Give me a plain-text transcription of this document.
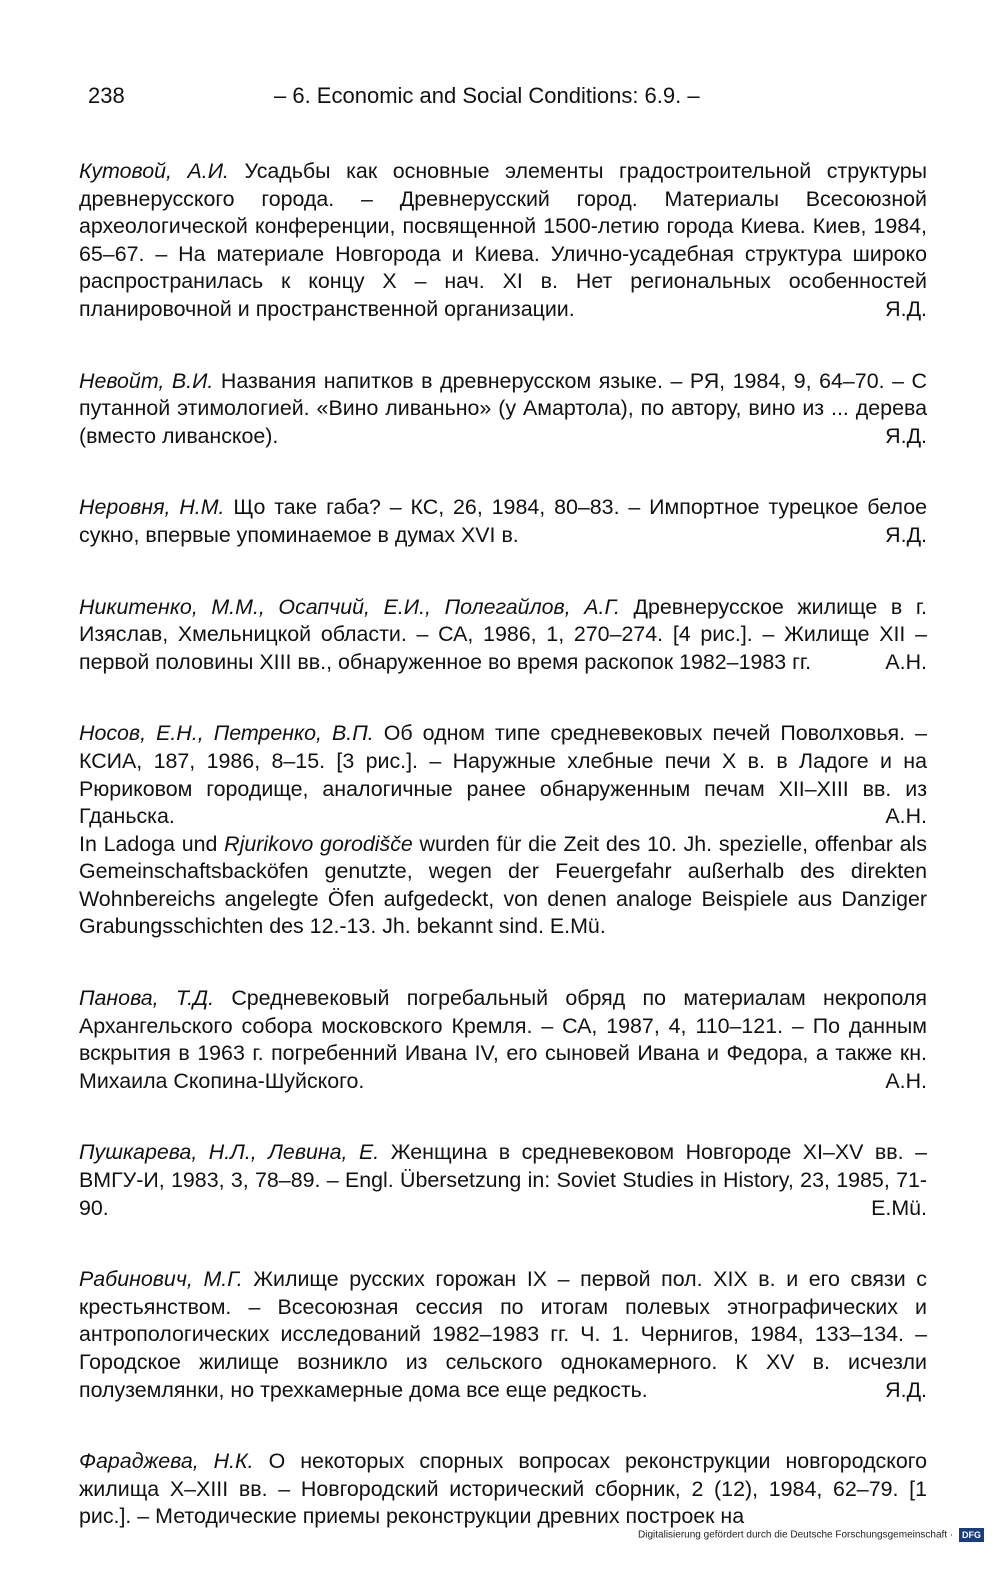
238	– 6. Economic and Social Conditions: 6.9. –

Кутовой, А.И. Усадьбы как основные элементы градостроительной структуры древнерусского города. – Древнерусский город. Материалы Всесоюзной археологической конференции, посвященной 1500-летию города Киева. Киев, 1984, 65–67. – На материале Новгорода и Киева. Улично-усадебная структура широко распространилась к концу X – нач. XI в. Нет региональных особенностей планировочной и пространственной организации.	Я.Д.

Невойт, В.И. Названия напитков в древнерусском языке. – РЯ, 1984, 9, 64–70. – С путанной этимологией. «Вино ливаньно» (у Амартола), по автору, вино из ... дерева (вместо ливанское).	Я.Д.

Неровня, Н.М. Що таке габа? – КС, 26, 1984, 80–83. – Импортное турецкое белое сукно, впервые упоминаемое в думах XVI в.	Я.Д.

Никитенко, М.М., Осапчий, Е.И., Полегайлов, А.Г. Древнерусское жилище в г. Изяслав, Хмельницкой области. – СА, 1986, 1, 270–274. [4 рис.]. – Жилище XII – первой половины XIII вв., обнаруженное во время раскопок 1982–1983 гг.	А.Н.

Носов, Е.Н., Петренко, В.П. Об одном типе средневековых печей Поволховья. – КСИА, 187, 1986, 8–15. [3 рис.]. – Наружные хлебные печи X в. в Ладоге и на Рюриковом городище, аналогичные ранее обнаруженным печам XII–XIII вв. из Гданьска.	А.Н.

In Ladoga und Rjurikovo gorodišče wurden für die Zeit des 10. Jh. spezielle, offenbar als Gemeinschaftsbacköfen genutzte, wegen der Feuergefahr außerhalb des direkten Wohnbereichs angelegte Öfen aufgedeckt, von denen analoge Beispiele aus Danziger Grabungsschichten des 12.-13. Jh. bekannt sind. E.Mü.

Панова, Т.Д. Средневековый погребальный обряд по материалам некрополя Архангельского собора московского Кремля. – СА, 1987, 4, 110–121. – По данным вскрытия в 1963 г. погребенний Ивана IV, его сыновей Ивана и Федора, а также кн. Михаила Скопина-Шуйского.	А.Н.

Пушкарева, Н.Л., Левина, Е. Женщина в средневековом Новгороде XI–XV вв. – ВМГУ-И, 1983, 3, 78–89. – Engl. Übersetzung in: Soviet Studies in History, 23, 1985, 71-90.	E.Mü.

Рабинович, М.Г. Жилище русских горожан IX – первой пол. XIX в. и его связи с крестьянством. – Всесоюзная сессия по итогам полевых этнографических и антропологических исследований 1982–1983 гг. Ч. 1. Чернигов, 1984, 133–134. – Городское жилище возникло из сельского однокамерного. К XV в. исчезли полуземлянки, но трехкамерные дома все еще редкость.	Я.Д.

Фараджева, Н.К. О некоторых спорных вопросах реконструкции новгородского жилища X–XIII вв. – Новгородский исторический сборник, 2 (12), 1984, 62–79. [1 рис.]. – Методические приемы реконструкции древних построек на

Digitalisierung gefördert durch die Deutsche Forschungsgemeinschaft · DFG
